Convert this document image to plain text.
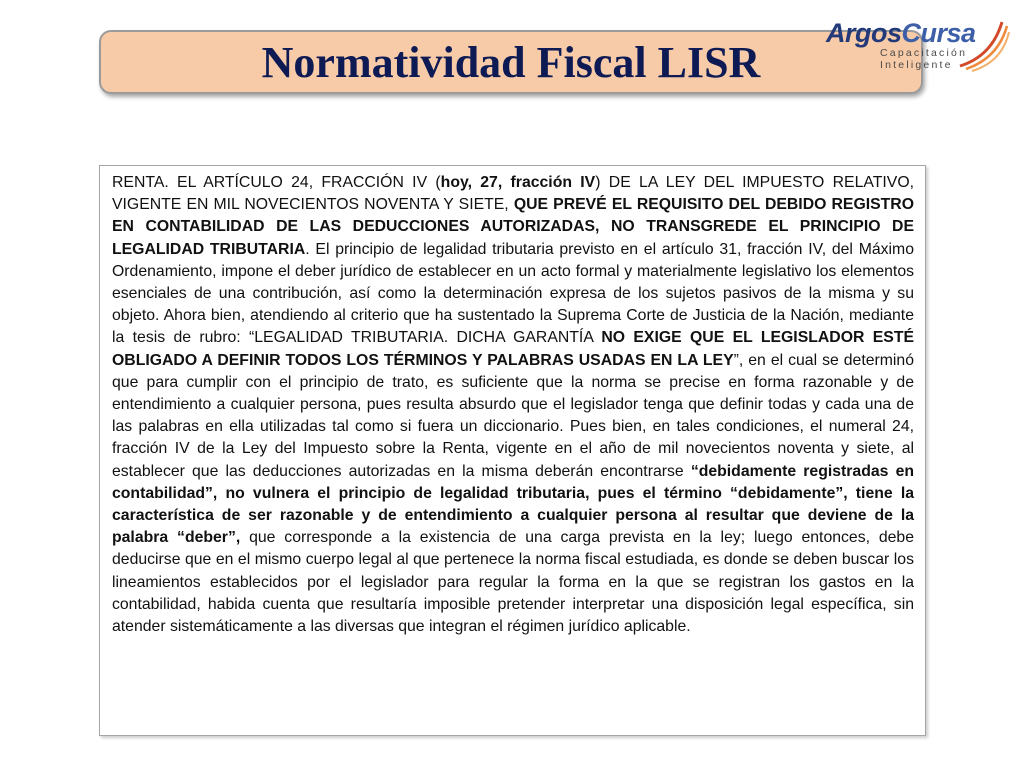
Normatividad Fiscal LISR
ArgosCursa
Capacitación
Inteligente

RENTA. EL ARTÍCULO 24, FRACCIÓN IV (hoy, 27, fracción IV) DE LA LEY DEL IMPUESTO RELATIVO, VIGENTE EN MIL NOVECIENTOS NOVENTA Y SIETE, QUE PREVÉ EL REQUISITO DEL DEBIDO REGISTRO EN CONTABILIDAD DE LAS DEDUCCIONES AUTORIZADAS, NO TRANSGREDE EL PRINCIPIO DE LEGALIDAD TRIBUTARIA. El principio de legalidad tributaria previsto en el artículo 31, fracción IV, del Máximo Ordenamiento, impone el deber jurídico de establecer en un acto formal y materialmente legislativo los elementos esenciales de una contribución, así como la determinación expresa de los sujetos pasivos de la misma y su objeto. Ahora bien, atendiendo al criterio que ha sustentado la Suprema Corte de Justicia de la Nación, mediante la tesis de rubro: “LEGALIDAD TRIBUTARIA. DICHA GARANTÍA NO EXIGE QUE EL LEGISLADOR ESTÉ OBLIGADO A DEFINIR TODOS LOS TÉRMINOS Y PALABRAS USADAS EN LA LEY”, en el cual se determinó que para cumplir con el principio de trato, es suficiente que la norma se precise en forma razonable y de entendimiento a cualquier persona, pues resulta absurdo que el legislador tenga que definir todas y cada una de las palabras en ella utilizadas tal como si fuera un diccionario. Pues bien, en tales condiciones, el numeral 24, fracción IV de la Ley del Impuesto sobre la Renta, vigente en el año de mil novecientos noventa y siete, al establecer que las deducciones autorizadas en la misma deberán encontrarse “debidamente registradas en contabilidad”, no vulnera el principio de legalidad tributaria, pues el término “debidamente”, tiene la característica de ser razonable y de entendimiento a cualquier persona al resultar que deviene de la palabra “deber”, que corresponde a la existencia de una carga prevista en la ley; luego entonces, debe deducirse que en el mismo cuerpo legal al que pertenece la norma fiscal estudiada, es donde se deben buscar los lineamientos establecidos por el legislador para regular la forma en la que se registran los gastos en la contabilidad, habida cuenta que resultaría imposible pretender interpretar una disposición legal específica, sin atender sistemáticamente a las diversas que integran el régimen jurídico aplicable.
